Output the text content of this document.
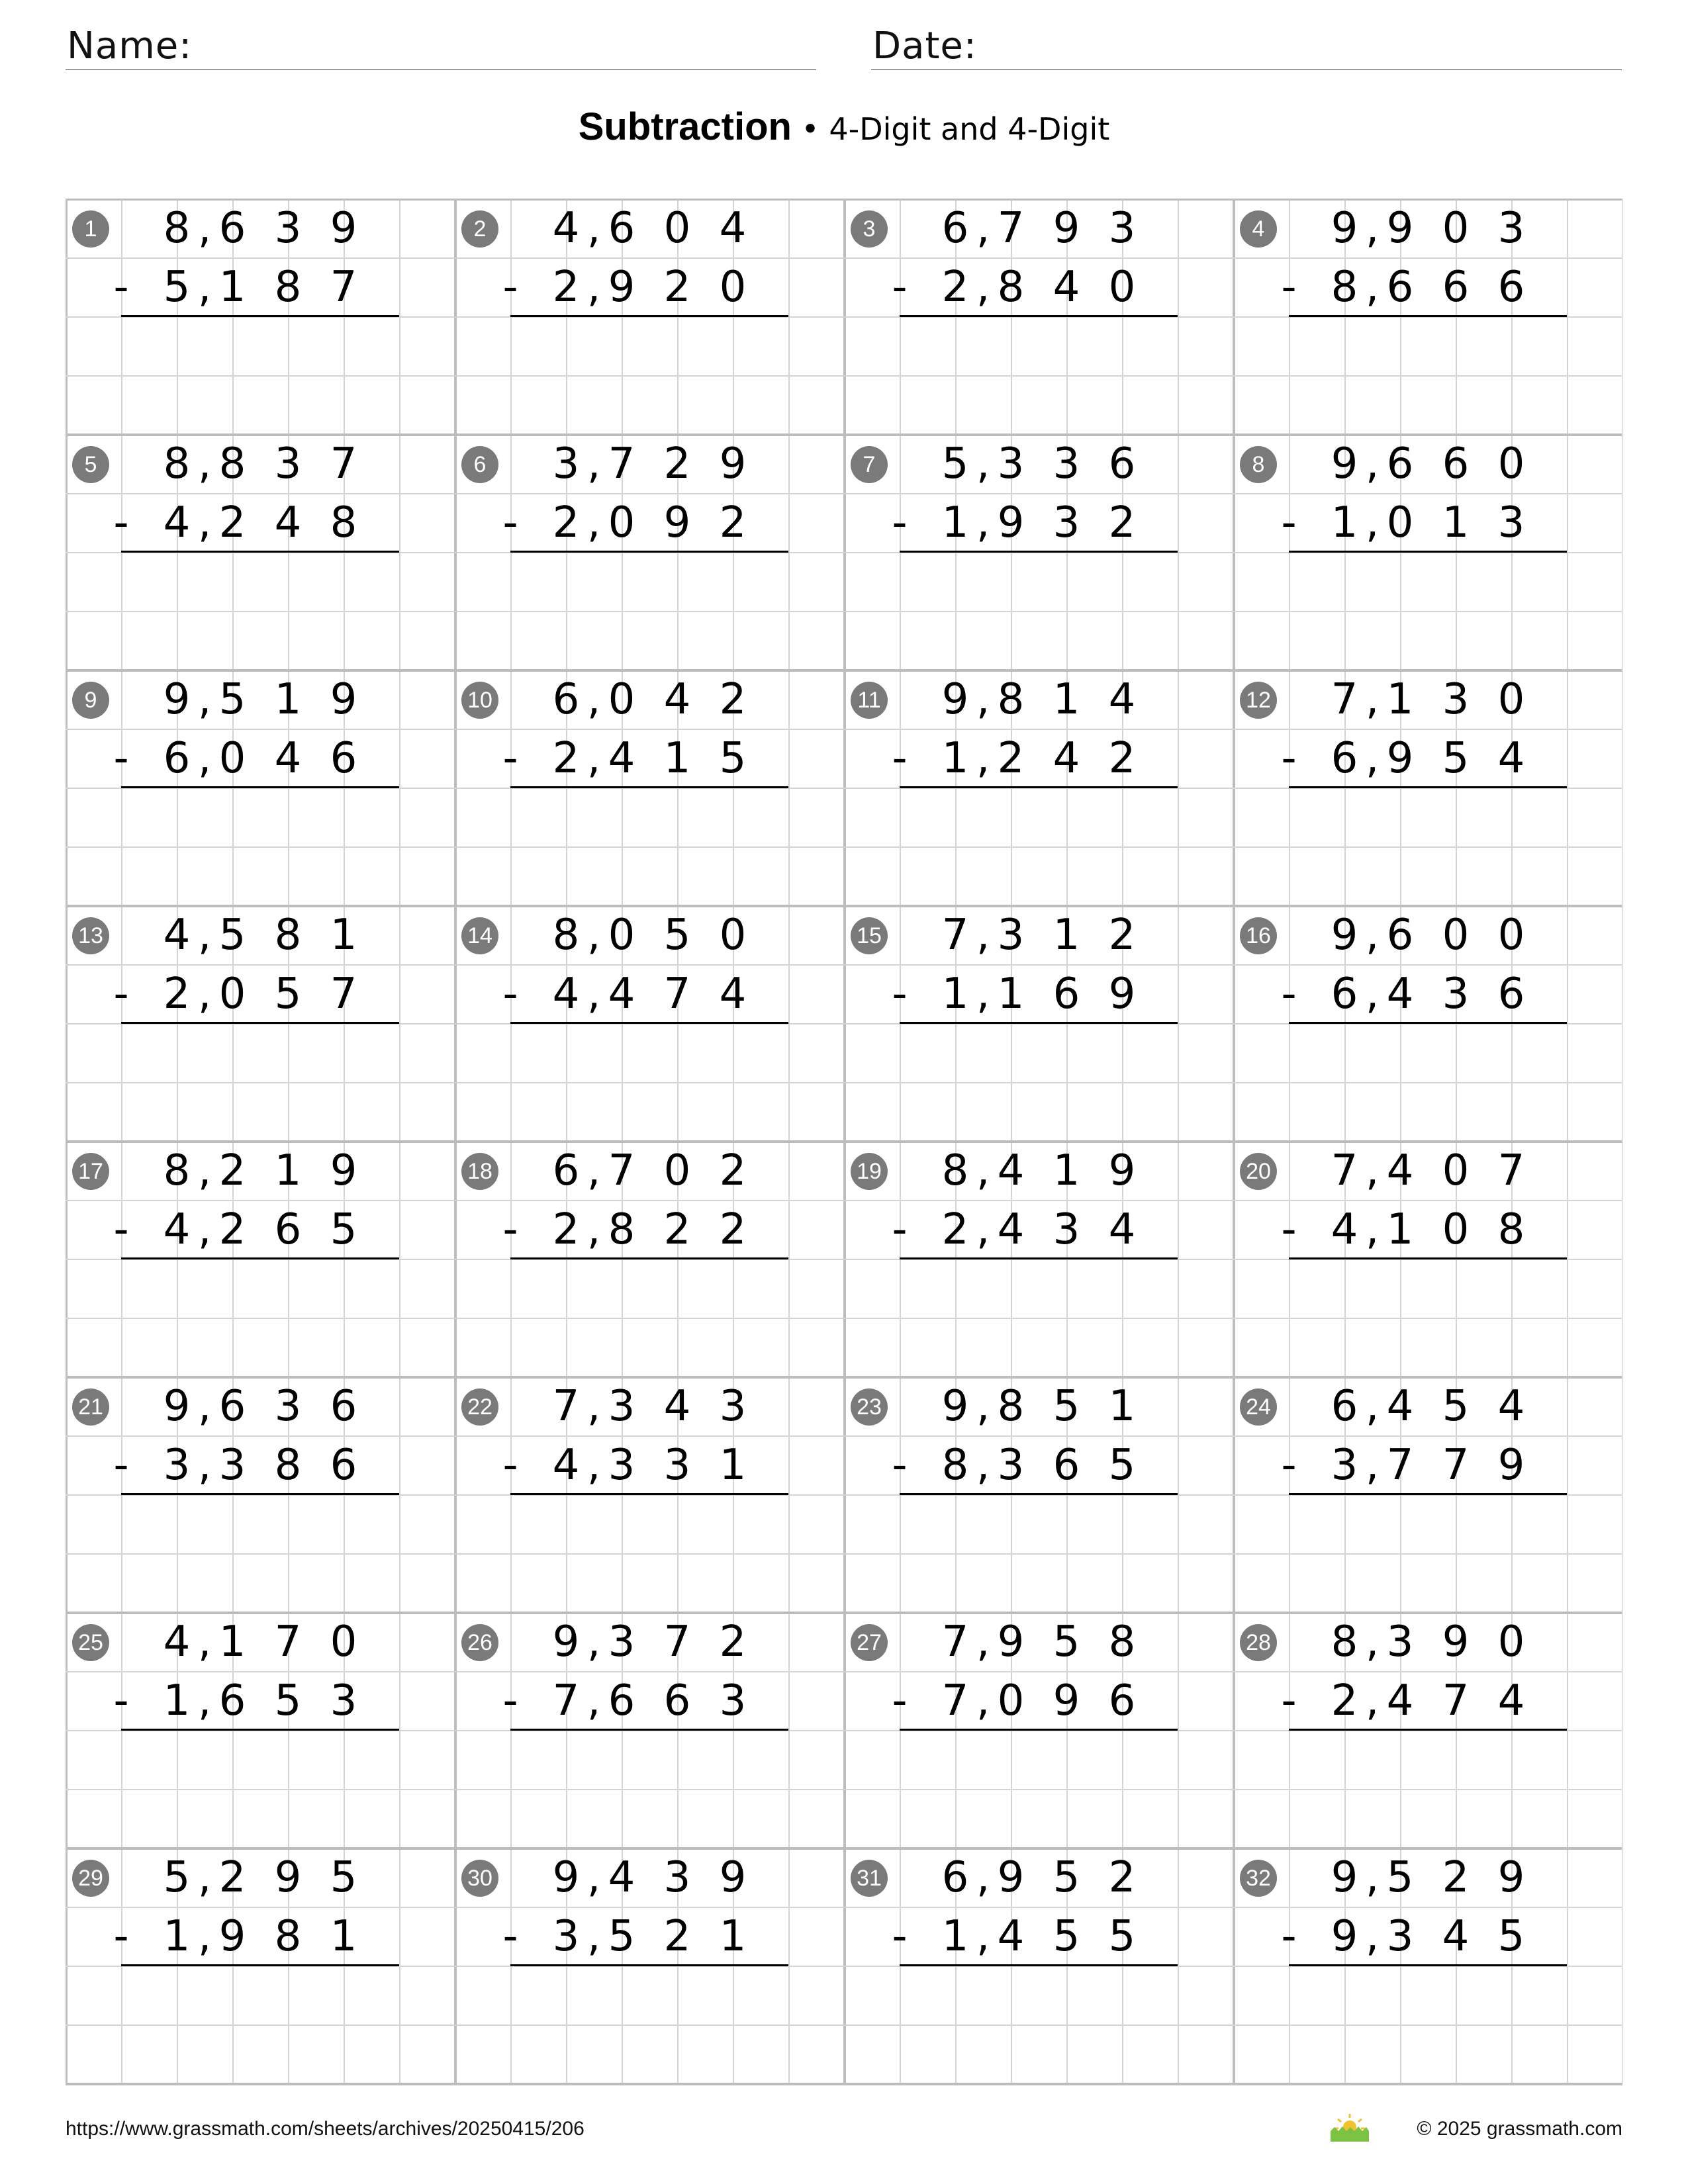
Name:	Date:
Subtraction • 4-Digit and 4-Digit
1	8 , 6 3 9
- 5 , 1 8 7
2	4 , 6 0 4
- 2 , 9 2 0
3	6 , 7 9 3
- 2 , 8 4 0
4	9 , 9 0 3
- 8 , 6 6 6
5	8 , 8 3 7
- 4 , 2 4 8
6	3 , 7 2 9
- 2 , 0 9 2
7	5 , 3 3 6
- 1 , 9 3 2
8	9 , 6 6 0
- 1 , 0 1 3
9	9 , 5 1 9
- 6 , 0 4 6
10	6 , 0 4 2
- 2 , 4 1 5
11	9 , 8 1 4
- 1 , 2 4 2
12	7 , 1 3 0
- 6 , 9 5 4
13	4 , 5 8 1
- 2 , 0 5 7
14	8 , 0 5 0
- 4 , 4 7 4
15	7 , 3 1 2
- 1 , 1 6 9
16	9 , 6 0 0
- 6 , 4 3 6
17	8 , 2 1 9
- 4 , 2 6 5
18	6 , 7 0 2
- 2 , 8 2 2
19	8 , 4 1 9
- 2 , 4 3 4
20	7 , 4 0 7
- 4 , 1 0 8
21	9 , 6 3 6
- 3 , 3 8 6
22	7 , 3 4 3
- 4 , 3 3 1
23	9 , 8 5 1
- 8 , 3 6 5
24	6 , 4 5 4
- 3 , 7 7 9
25	4 , 1 7 0
- 1 , 6 5 3
26	9 , 3 7 2
- 7 , 6 6 3
27	7 , 9 5 8
- 7 , 0 9 6
28	8 , 3 9 0
- 2 , 4 7 4
29	5 , 2 9 5
- 1 , 9 8 1
30	9 , 4 3 9
- 3 , 5 2 1
31	6 , 9 5 2
- 1 , 4 5 5
32	9 , 5 2 9
- 9 , 3 4 5
https://www.grassmath.com/sheets/archives/20250415/206	© 2025 grassmath.com
